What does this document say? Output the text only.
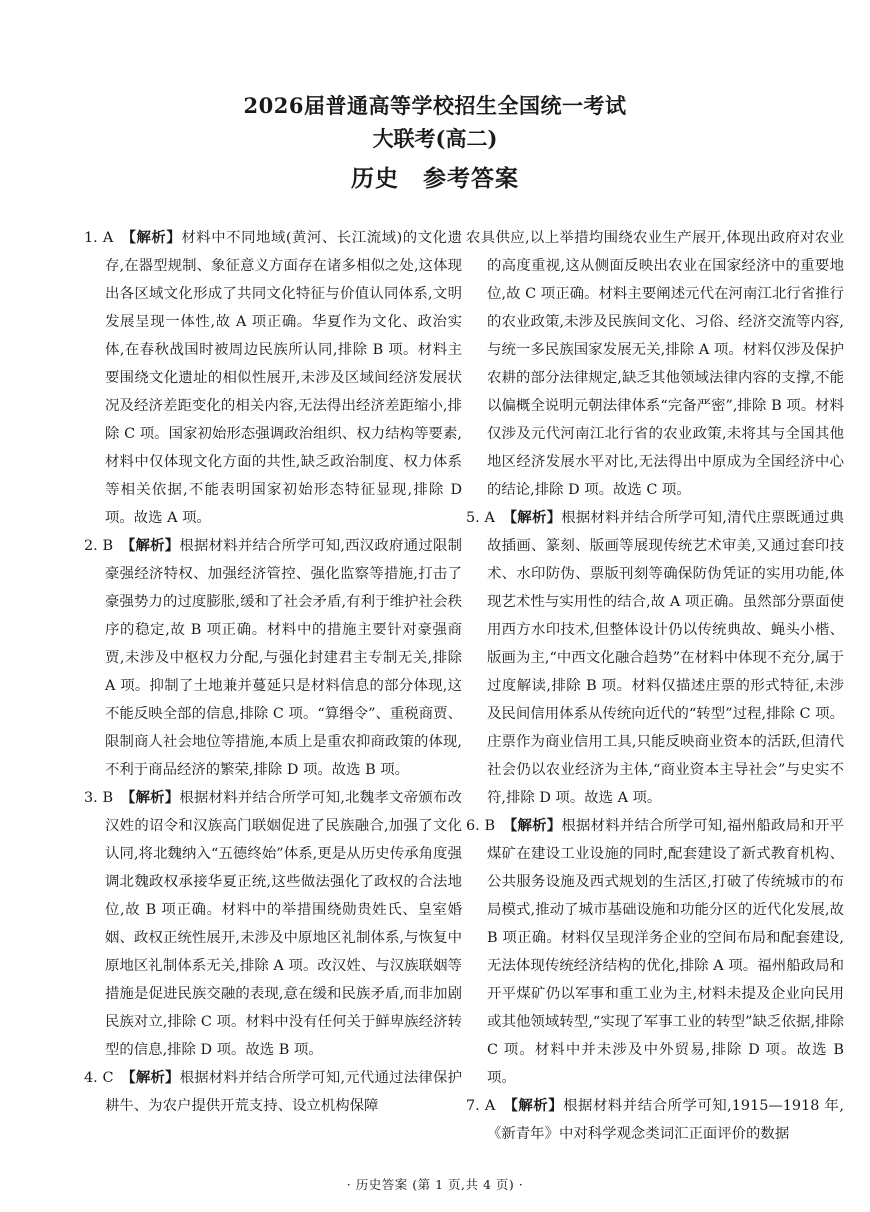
2026届普通高等学校招生全国统一考试
大联考(高二)
历史　参考答案

1. A　 【解析】材料中不同地域(黄河、长江流域)的文化遗存,在器型规制、象征意义方面存在诸多相似之处,这体现出各区域文化形成了共同文化特征与价值认同体系,文明发展呈现一体性,故 A 项正确。华夏作为文化、政治实体,在春秋战国时被周边民族所认同,排除 B 项。材料主要围绕文化遗址的相似性展开,未涉及区域间经济发展状况及经济差距变化的相关内容,无法得出经济差距缩小,排除 C 项。国家初始形态强调政治组织、权力结构等要素,材料中仅体现文化方面的共性,缺乏政治制度、权力体系等相关依据,不能表明国家初始形态特征显现,排除 D 项。故选 A 项。

2. B　 【解析】根据材料并结合所学可知,西汉政府通过限制豪强经济特权、加强经济管控、强化监察等措施,打击了豪强势力的过度膨胀,缓和了社会矛盾,有利于维护社会秩序的稳定,故 B 项正确。材料中的措施主要针对豪强商贾,未涉及中枢权力分配,与强化封建君主专制无关,排除 A 项。抑制了土地兼并蔓延只是材料信息的部分体现,这不能反映全部的信息,排除 C 项。“算缗令”、重税商贾、限制商人社会地位等措施,本质上是重农抑商政策的体现,不利于商品经济的繁荣,排除 D 项。故选 B 项。

3. B　 【解析】根据材料并结合所学可知,北魏孝文帝颁布改汉姓的诏令和汉族高门联姻促进了民族融合,加强了文化认同,将北魏纳入“五德终始”体系,更是从历史传承角度强调北魏政权承接华夏正统,这些做法强化了政权的合法地位,故 B 项正确。材料中的举措围绕勋贵姓氏、皇室婚姻、政权正统性展开,未涉及中原地区礼制体系,与恢复中原地区礼制体系无关,排除 A 项。改汉姓、与汉族联姻等措施是促进民族交融的表现,意在缓和民族矛盾,而非加剧民族对立,排除 C 项。材料中没有任何关于鲜卑族经济转型的信息,排除 D 项。故选 B 项。

4. C　 【解析】根据材料并结合所学可知,元代通过法律保护耕牛、为农户提供开荒支持、设立机构保障

农具供应,以上举措均围绕农业生产展开,体现出政府对农业的高度重视,这从侧面反映出农业在国家经济中的重要地位,故 C 项正确。材料主要阐述元代在河南江北行省推行的农业政策,未涉及民族间文化、习俗、经济交流等内容,与统一多民族国家发展无关,排除 A 项。材料仅涉及保护农耕的部分法律规定,缺乏其他领域法律内容的支撑,不能以偏概全说明元朝法律体系“完备严密”,排除 B 项。材料仅涉及元代河南江北行省的农业政策,未将其与全国其他地区经济发展水平对比,无法得出中原成为全国经济中心的结论,排除 D 项。故选 C 项。

5. A　 【解析】根据材料并结合所学可知,清代庄票既通过典故插画、篆刻、版画等展现传统艺术审美,又通过套印技术、水印防伪、票版刊刻等确保防伪凭证的实用功能,体现艺术性与实用性的结合,故 A 项正确。虽然部分票面使用西方水印技术,但整体设计仍以传统典故、蝇头小楷、版画为主,“中西文化融合趋势”在材料中体现不充分,属于过度解读,排除 B 项。材料仅描述庄票的形式特征,未涉及民间信用体系从传统向近代的“转型”过程,排除 C 项。庄票作为商业信用工具,只能反映商业资本的活跃,但清代社会仍以农业经济为主体,“商业资本主导社会”与史实不符,排除 D 项。故选 A 项。

6. B　 【解析】根据材料并结合所学可知,福州船政局和开平煤矿在建设工业设施的同时,配套建设了新式教育机构、公共服务设施及西式规划的生活区,打破了传统城市的布局模式,推动了城市基础设施和功能分区的近代化发展,故 B 项正确。材料仅呈现洋务企业的空间布局和配套建设,无法体现传统经济结构的优化,排除 A 项。福州船政局和开平煤矿仍以军事和重工业为主,材料未提及企业向民用或其他领域转型,“实现了军事工业的转型”缺乏依据,排除 C 项。材料中并未涉及中外贸易,排除 D 项。故选 B 项。

7. A　 【解析】根据材料并结合所学可知,1915—1918 年,《新青年》中对科学观念类词汇正面评价的数据

· 历史答案 (第 1 页,共 4 页) ·
